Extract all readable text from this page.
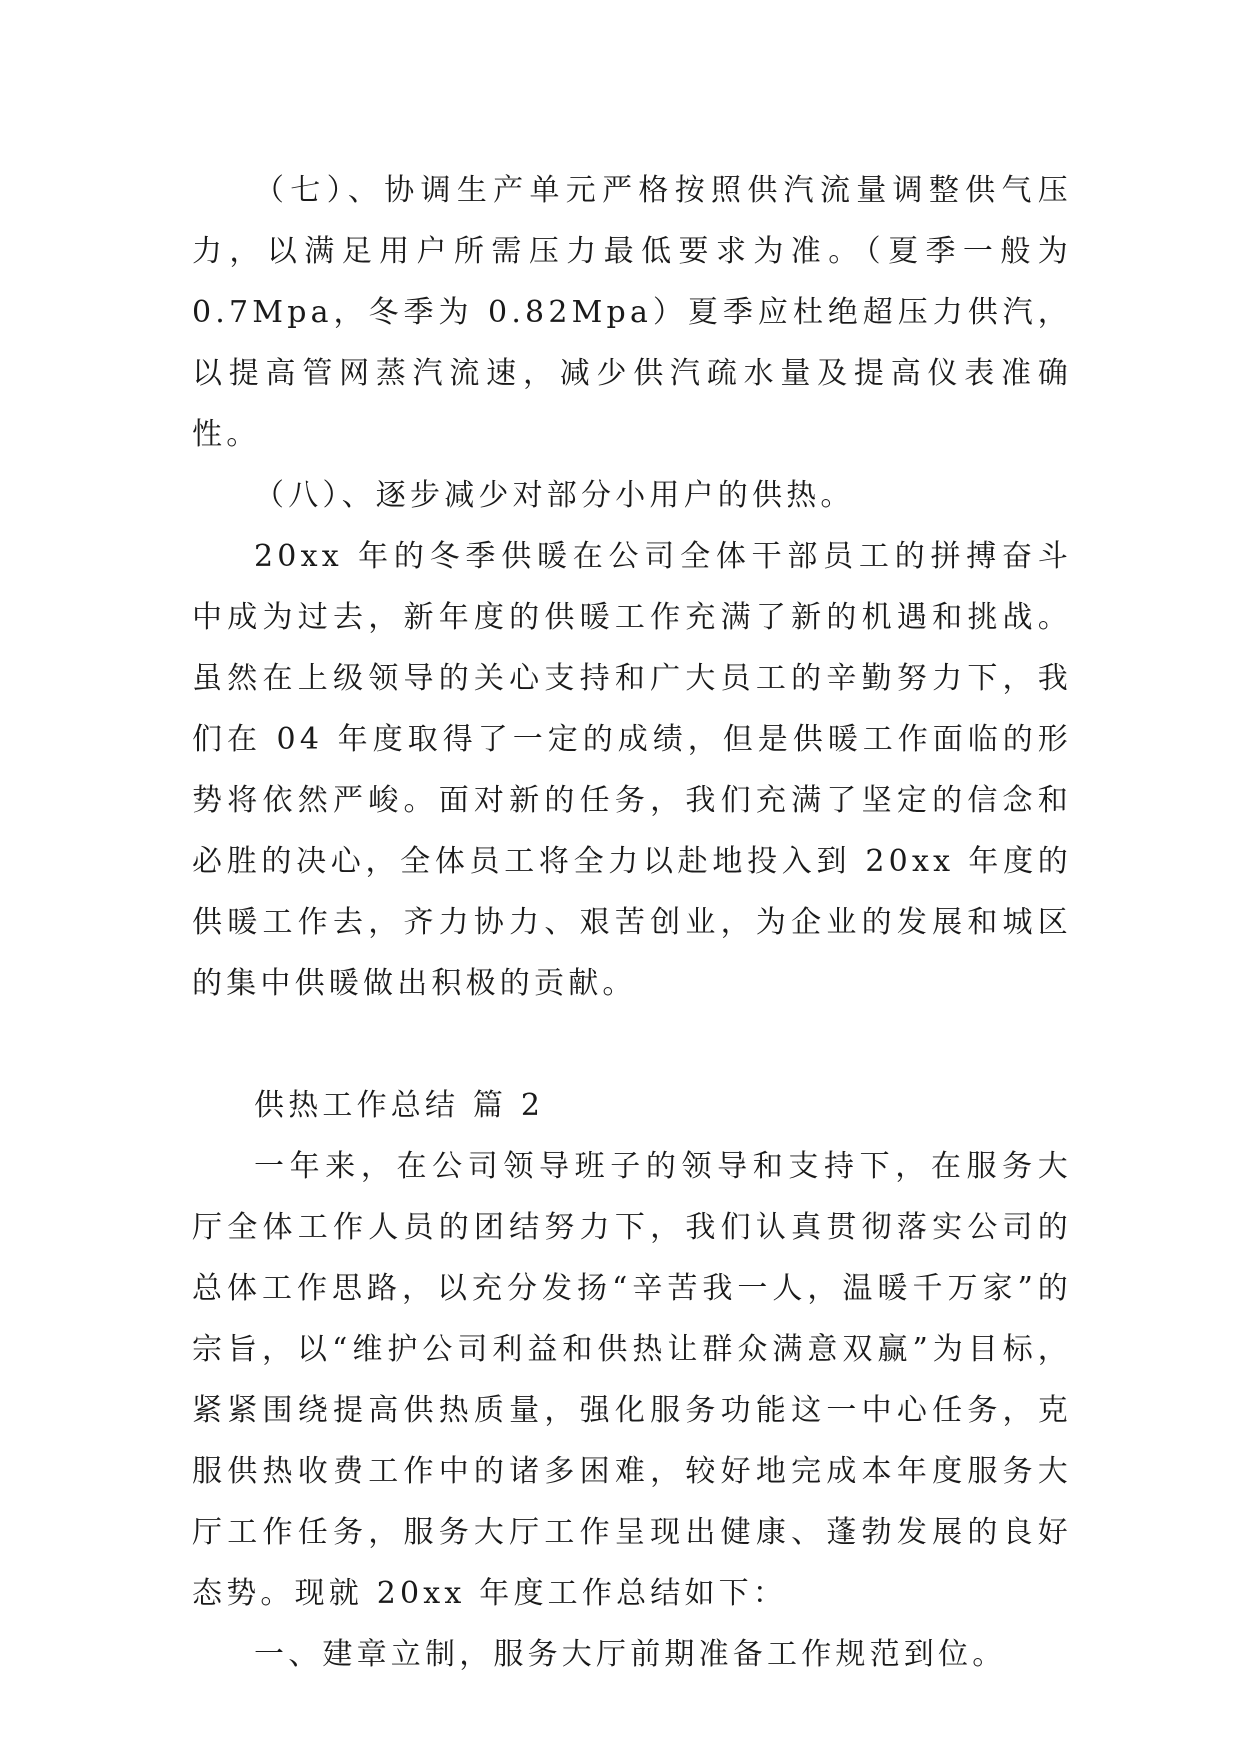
（七）、协调生产单元严格按照供汽流量调整供气压力，以满足用户所需压力最低要求为准。（夏季一般为 0.7Mpa，冬季为 0.82Mpa）夏季应杜绝超压力供汽，以提高管网蒸汽流速，减少供汽疏水量及提高仪表准确性。

（八）、逐步减少对部分小用户的供热。

20xx 年的冬季供暖在公司全体干部员工的拼搏奋斗中成为过去，新年度的供暖工作充满了新的机遇和挑战。虽然在上级领导的关心支持和广大员工的辛勤努力下，我们在 04 年度取得了一定的成绩，但是供暖工作面临的形势将依然严峻。面对新的任务，我们充满了坚定的信念和必胜的决心，全体员工将全力以赴地投入到 20xx 年度的供暖工作去，齐力协力、艰苦创业，为企业的发展和城区的集中供暖做出积极的贡献。

供热工作总结 篇 2

一年来，在公司领导班子的领导和支持下，在服务大厅全体工作人员的团结努力下，我们认真贯彻落实公司的总体工作思路，以充分发扬“辛苦我一人，温暖千万家”的宗旨，以“维护公司利益和供热让群众满意双赢”为目标，紧紧围绕提高供热质量，强化服务功能这一中心任务，克服供热收费工作中的诸多困难，较好地完成本年度服务大厅工作任务，服务大厅工作呈现出健康、蓬勃发展的良好态势。现就 20xx 年度工作总结如下：

一、建章立制，服务大厅前期准备工作规范到位。
